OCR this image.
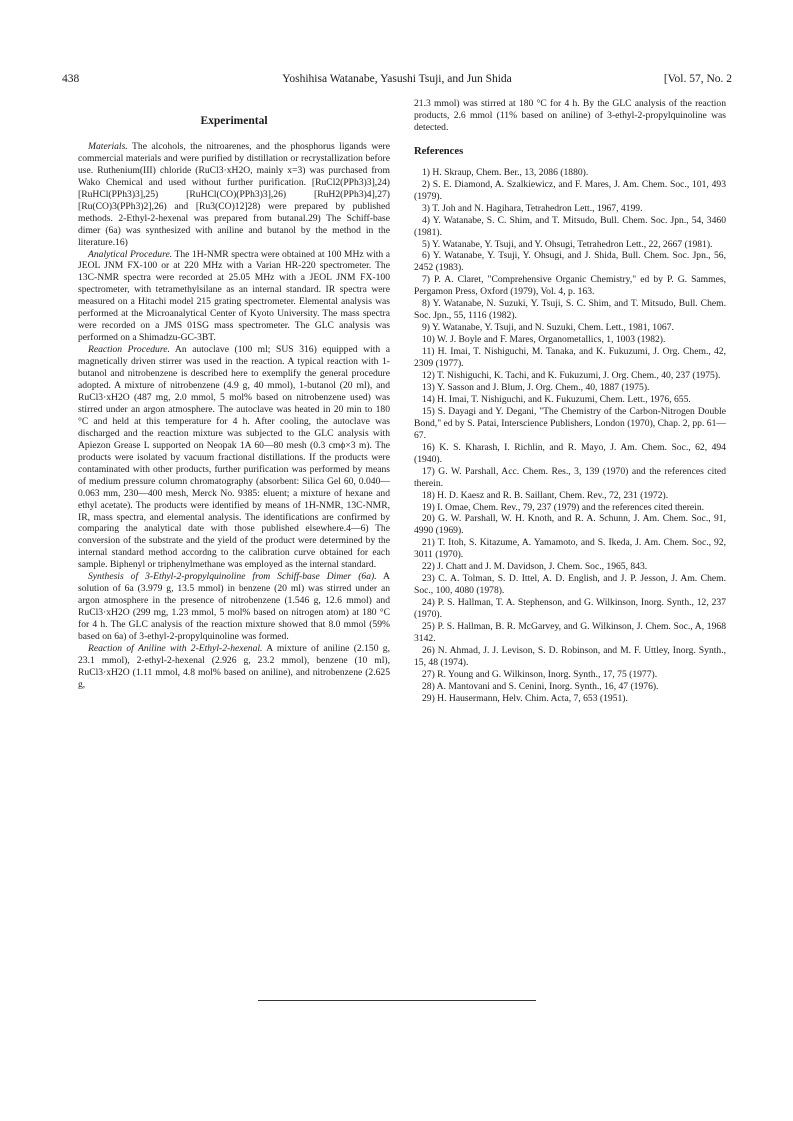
438	Yoshihisa Watanabe, Yasushi Tsuji, and Jun Shida	[Vol. 57, No. 2
Experimental

Materials. The alcohols, the nitroarenes, and the phosphorus ligands were commercial materials and were purified by distillation or recrystallization before use. Ruthenium(III) chloride (RuCl3·xH2O, mainly x=3) was purchased from Wako Chemical and used without further purification. [RuCl2(PPh3)3],24) [RuHCl(PPh3)3],25) [RuHCl(CO)(PPh3)3],26) [RuH2(PPh3)4],27) [Ru(CO)3(PPh3)2],26) and [Ru3(CO)12]28) were prepared by published methods. 2-Ethyl-2-hexenal was prepared from butanal.29) The Schiff-base dimer (6a) was synthesized with aniline and butanol by the method in the literature.16)

Analytical Procedure. The 1H-NMR spectra were obtained at 100 MHz with a JEOL JNM FX-100 or at 220 MHz with a Varian HR-220 spectrometer. The 13C-NMR spectra were recorded at 25.05 MHz with a JEOL JNM FX-100 spectrometer, with tetramethylsilane as an internal standard. IR spectra were measured on a Hitachi model 215 grating spectrometer. Elemental analysis was performed at the Microanalytical Center of Kyoto University. The mass spectra were recorded on a JMS 01SG mass spectrometer. The GLC analysis was performed on a Shimadzu-GC-3BT.

Reaction Procedure. An autoclave (100 ml; SUS 316) equipped with a magnetically driven stirrer was used in the reaction. A typical reaction with 1-butanol and nitrobenzene is described here to exemplify the general procedure adopted. A mixture of nitrobenzene (4.9 g, 40 mmol), 1-butanol (20 ml), and RuCl3·xH2O (487 mg, 2.0 mmol, 5 mol% based on nitrobenzene used) was stirred under an argon atmosphere. The autoclave was heated in 20 min to 180 °C and held at this temperature for 4 h. After cooling, the autoclave was discharged and the reaction mixture was subjected to the GLC analysis with Apiezon Grease L supported on Neopak 1A 60—80 mesh (0.3 cmϕ×3 m). The products were isolated by vacuum fractional distillations. If the products were contaminated with other products, further purification was performed by means of medium pressure column chromatography (absorbent: Silica Gel 60, 0.040—0.063 mm, 230—400 mesh, Merck No. 9385: eluent; a mixture of hexane and ethyl acetate). The products were identified by means of 1H-NMR, 13C-NMR, IR, mass spectra, and elemental analysis. The identifications are confirmed by comparing the analytical date with those published elsewhere.4—6) The conversion of the substrate and the yield of the product were determined by the internal standard method accordng to the calibration curve obtained for each sample. Biphenyl or triphenylmethane was employed as the internal standard.

Synthesis of 3-Ethyl-2-propylquinoline from Schiff-base Dimer (6a). A solution of 6a (3.979 g, 13.5 mmol) in benzene (20 ml) was stirred under an argon atmosphere in the presence of nitrobenzene (1.546 g, 12.6 mmol) and RuCl3·xH2O (299 mg, 1.23 mmol, 5 mol% based on nitrogen atom) at 180 °C for 4 h. The GLC analysis of the reaction mixture showed that 8.0 mmol (59% based on 6a) of 3-ethyl-2-propylquinoline was formed.

Reaction of Aniline with 2-Ethyl-2-hexenal. A mixture of aniline (2.150 g, 23.1 mmol), 2-ethyl-2-hexenal (2.926 g, 23.2 mmol), benzene (10 ml), RuCl3·xH2O (1.11 mmol, 4.8 mol% based on aniline), and nitrobenzene (2.625 g,

21.3 mmol) was stirred at 180 °C for 4 h. By the GLC analysis of the reaction products, 2.6 mmol (11% based on aniline) of 3-ethyl-2-propylquinoline was detected.

References

1) H. Skraup, Chem. Ber., 13, 2086 (1880).

2) S. E. Diamond, A. Szalkiewicz, and F. Mares, J. Am. Chem. Soc., 101, 493 (1979).

3) T. Joh and N. Hagihara, Tetrahedron Lett., 1967, 4199.

4) Y. Watanabe, S. C. Shim, and T. Mitsudo, Bull. Chem. Soc. Jpn., 54, 3460 (1981).

5) Y. Watanabe, Y. Tsuji, and Y. Ohsugi, Tetrahedron Lett., 22, 2667 (1981).

6) Y. Watanabe, Y. Tsuji, Y. Ohsugi, and J. Shida, Bull. Chem. Soc. Jpn., 56, 2452 (1983).

7) P. A. Claret, "Comprehensive Organic Chemistry," ed by P. G. Sammes, Pergamon Press, Oxford (1979), Vol. 4, p. 163.

8) Y. Watanabe, N. Suzuki, Y. Tsuji, S. C. Shim, and T. Mitsudo, Bull. Chem. Soc. Jpn., 55, 1116 (1982).

9) Y. Watanabe, Y. Tsuji, and N. Suzuki, Chem. Lett., 1981, 1067.

10) W. J. Boyle and F. Mares, Organometallics, 1, 1003 (1982).

11) H. Imai, T. Nishiguchi, M. Tanaka, and K. Fukuzumi, J. Org. Chem., 42, 2309 (1977).

12) T. Nishiguchi, K. Tachi, and K. Fukuzumi, J. Org. Chem., 40, 237 (1975).

13) Y. Sasson and J. Blum, J. Org. Chem., 40, 1887 (1975).

14) H. Imai, T. Nishiguchi, and K. Fukuzumi, Chem. Lett., 1976, 655.

15) S. Dayagi and Y. Degani, "The Chemistry of the Carbon-Nitrogen Double Bond," ed by S. Patai, Interscience Publishers, London (1970), Chap. 2, pp. 61—67.

16) K. S. Kharash, I. Richlin, and R. Mayo, J. Am. Chem. Soc., 62, 494 (1940).

17) G. W. Parshall, Acc. Chem. Res., 3, 139 (1970) and the references cited therein.

18) H. D. Kaesz and R. B. Saillant, Chem. Rev., 72, 231 (1972).

19) I. Omae, Chem. Rev., 79, 237 (1979) and the references cited therein.

20) G. W. Parshall, W. H. Knoth, and R. A. Schunn, J. Am. Chem. Soc., 91, 4990 (1969).

21) T. Itoh, S. Kitazume, A. Yamamoto, and S. Ikeda, J. Am. Chem. Soc., 92, 3011 (1970).

22) J. Chatt and J. M. Davidson, J. Chem. Soc., 1965, 843.

23) C. A. Tolman, S. D. Ittel, A. D. English, and J. P. Jesson, J. Am. Chem. Soc., 100, 4080 (1978).

24) P. S. Hallman, T. A. Stephenson, and G. Wilkinson, Inorg. Synth., 12, 237 (1970).

25) P. S. Hallman, B. R. McGarvey, and G. Wilkinson, J. Chem. Soc., A, 1968 3142.

26) N. Ahmad, J. J. Levison, S. D. Robinson, and M. F. Uttley, Inorg. Synth., 15, 48 (1974).

27) R. Young and G. Wilkinson, Inorg. Synth., 17, 75 (1977).

28) A. Mantovani and S. Cenini, Inorg. Synth., 16, 47 (1976).

29) H. Hausermann, Helv. Chim. Acta, 7, 653 (1951).
